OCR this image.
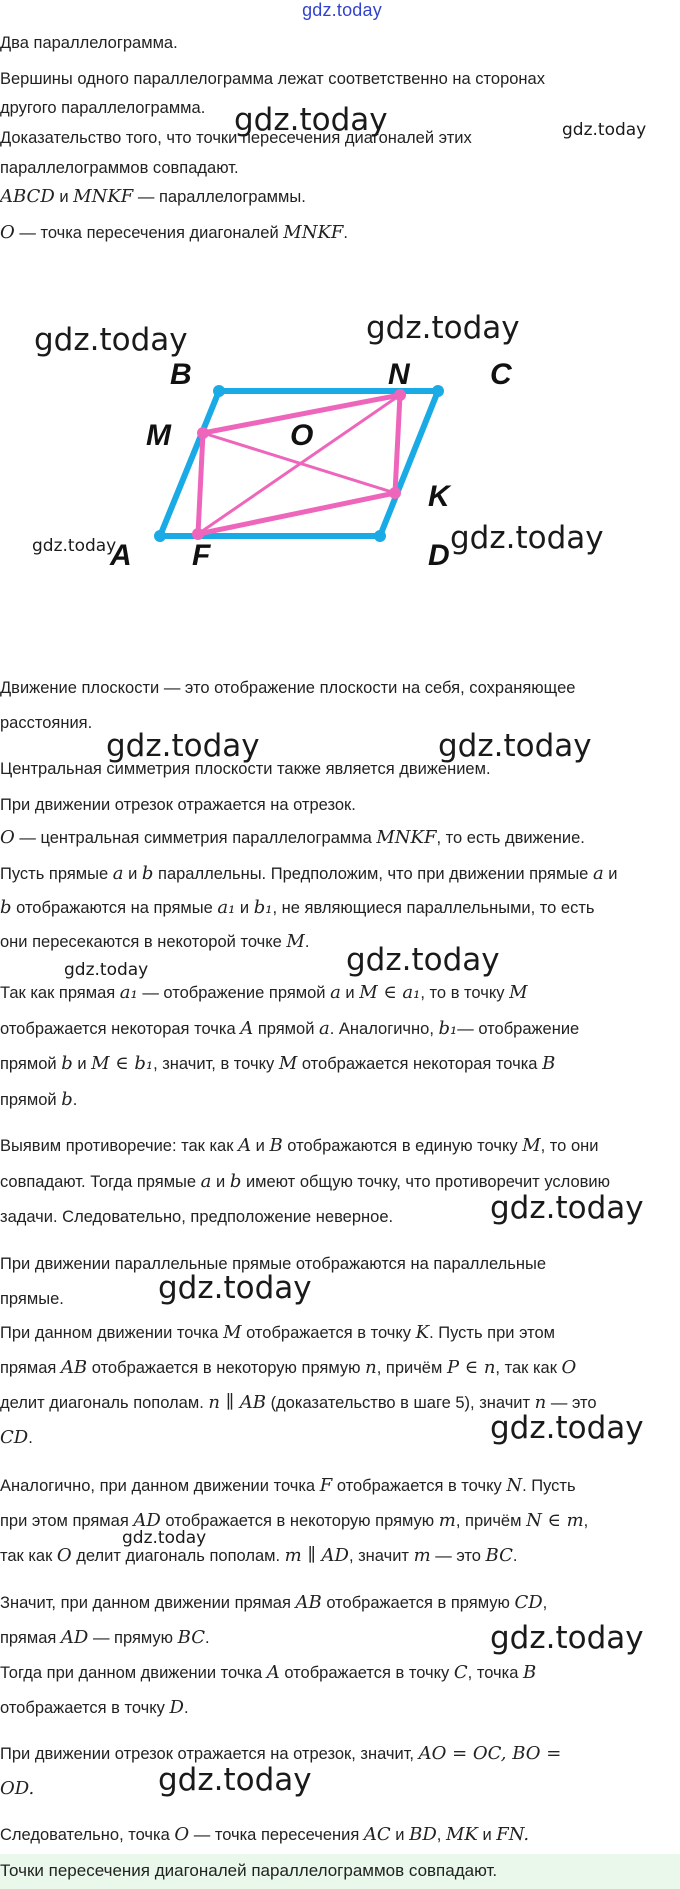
gdz.today
Два параллелограмма.
Вершины одного параллелограмма лежат соответственно на сторонах
другого параллелограмма.
Доказательство того, что точки пересечения диагоналей этих
параллелограммов совпадают.
ABCD и MNKF — параллелограммы.
O — точка пересечения диагоналей MNKF.
B	N	C
M	O
K
A F	D
Движение плоскости — это отображение плоскости на себя, сохраняющее
расстояния.
Центральная симметрия плоскости также является движением.
При движении отрезок отражается на отрезок.
O — центральная симметрия параллелограмма MNKF, то есть движение.
Пусть прямые a и b параллельны. Предположим, что при движении прямые a и
b отображаются на прямые a₁ и b₁, не являющиеся параллельными, то есть
они пересекаются в некоторой точке M.
Так как прямая a₁ — отображение прямой a и M ∈ a₁, то в точку M
отображается некоторая точка A прямой a. Аналогично, b₁— отображение
прямой b и M ∈ b₁, значит, в точку M отображается некоторая точка B
прямой b.
Выявим противоречие: так как A и B отображаются в единую точку M, то они
совпадают. Тогда прямые a и b имеют общую точку, что противоречит условию
задачи. Следовательно, предположение неверное.
При движении параллельные прямые отображаются на параллельные
прямые.
При данном движении точка M отображается в точку K. Пусть при этом
прямая AB отображается в некоторую прямую n, причём P ∈ n, так как O
делит диагональ пополам. n ∥ AB (доказательство в шаге 5), значит n — это
CD.
Аналогично, при данном движении точка F отображается в точку N. Пусть
при этом прямая AD отображается в некоторую прямую m, причём N ∈ m,
так как O делит диагональ пополам. m ∥ AD, значит m — это BC.
Значит, при данном движении прямая AB отображается в прямую CD,
прямая AD — прямую BC.
Тогда при данном движении точка A отображается в точку C, точка B
отображается в точку D.
При движении отрезок отражается на отрезок, значит, AO = OC, BO =
OD.
Следовательно, точка O — точка пересечения AC и BD, MK и FN.
Точки пересечения диагоналей параллелограммов совпадают.
gdz.today	gdz.today
gdz.today	gdz.today
gdz.today	gdz.today
gdz.today	gdz.today
gdz.today	gdz.today
gdz.today
gdz.today
gdz.today
gdz.today
gdz.today
gdz.today
